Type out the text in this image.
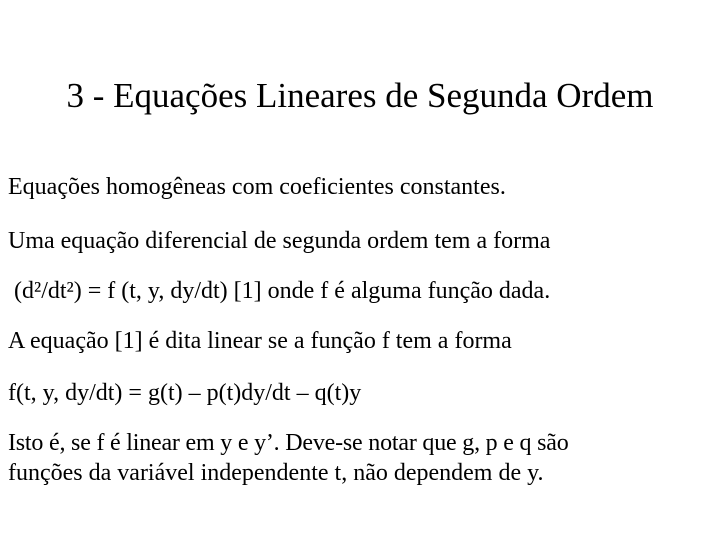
3 - Equações Lineares de Segunda Ordem
Equações homogêneas com coeficientes constantes.
Uma equação diferencial de segunda ordem tem a forma
(d²/dt²) = f (t, y, dy/dt) [1] onde f é alguma função dada.
A equação [1] é dita linear se a função f tem a forma
f(t, y, dy/dt) = g(t) – p(t)dy/dt – q(t)y
Isto é, se f é linear em y e y’. Deve-se notar que g, p e q são
funções da variável independente t, não dependem de y.
